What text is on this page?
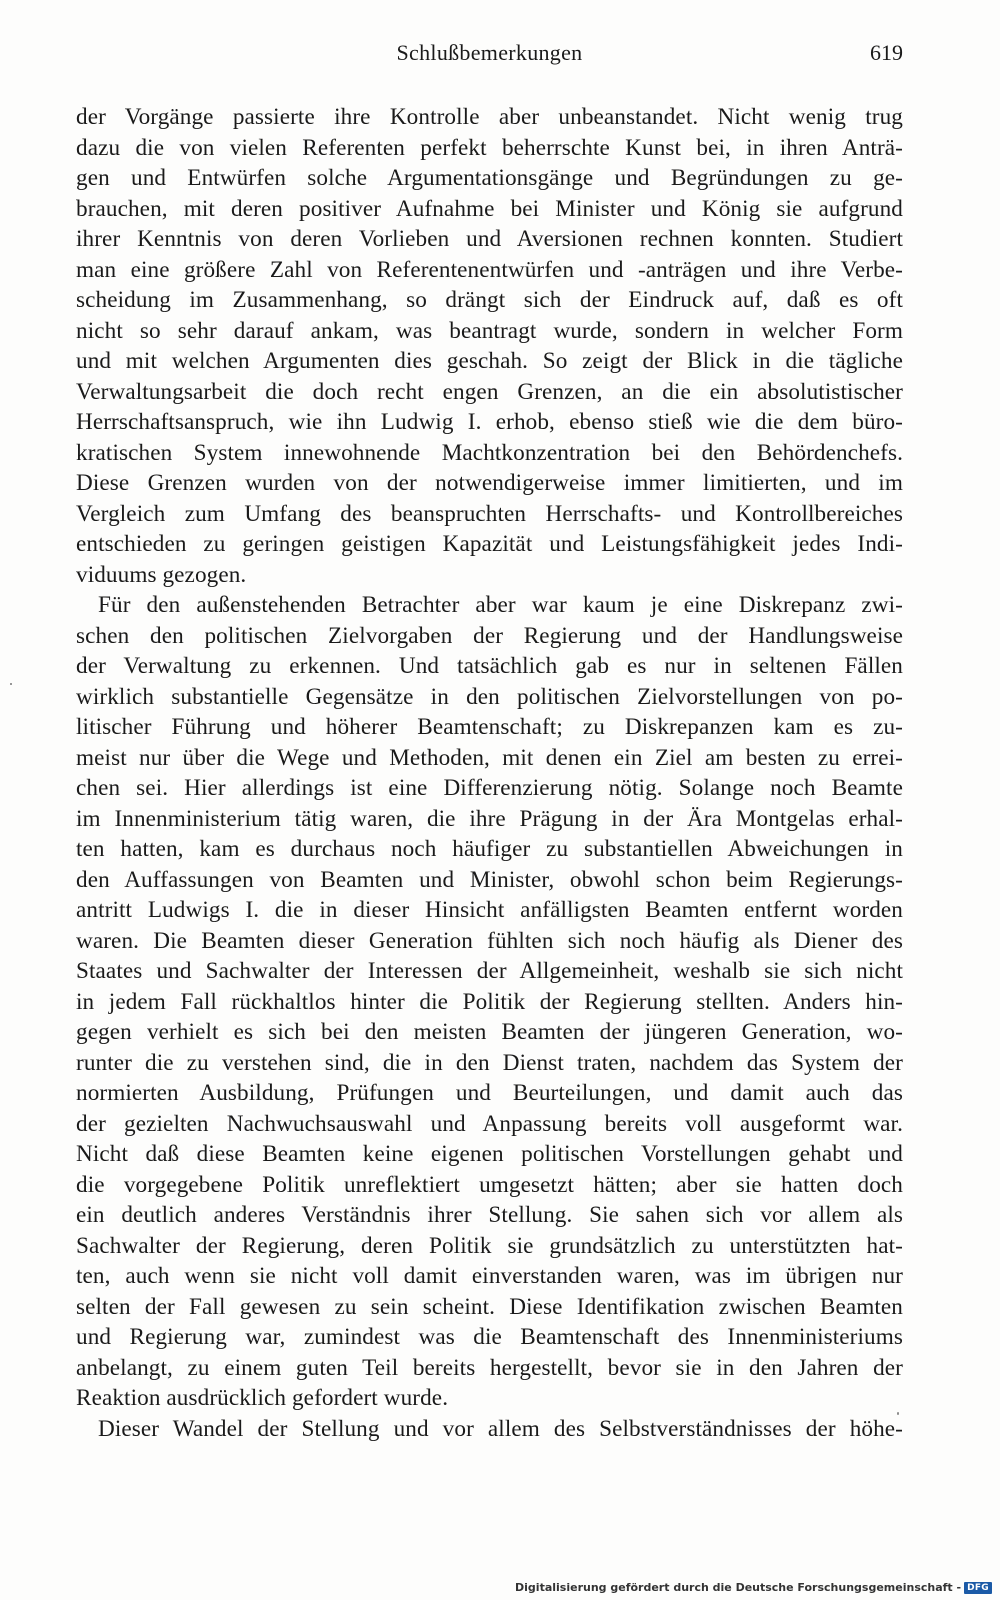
Schlußbemerkungen	619
der Vorgänge passierte ihre Kontrolle aber unbeanstandet. Nicht wenig trug
dazu die von vielen Referenten perfekt beherrschte Kunst bei, in ihren Anträ-
gen und Entwürfen solche Argumentationsgänge und Begründungen zu ge-
brauchen, mit deren positiver Aufnahme bei Minister und König sie aufgrund
ihrer Kenntnis von deren Vorlieben und Aversionen rechnen konnten. Studiert
man eine größere Zahl von Referentenentwürfen und -anträgen und ihre Verbe-
scheidung im Zusammenhang, so drängt sich der Eindruck auf, daß es oft
nicht so sehr darauf ankam, was beantragt wurde, sondern in welcher Form
und mit welchen Argumenten dies geschah. So zeigt der Blick in die tägliche
Verwaltungsarbeit die doch recht engen Grenzen, an die ein absolutistischer
Herrschaftsanspruch, wie ihn Ludwig I. erhob, ebenso stieß wie die dem büro-
kratischen System innewohnende Machtkonzentration bei den Behördenchefs.
Diese Grenzen wurden von der notwendigerweise immer limitierten, und im
Vergleich zum Umfang des beanspruchten Herrschafts- und Kontrollbereiches
entschieden zu geringen geistigen Kapazität und Leistungsfähigkeit jedes Indi-
viduums gezogen.
Für den außenstehenden Betrachter aber war kaum je eine Diskrepanz zwi-
schen den politischen Zielvorgaben der Regierung und der Handlungsweise
der Verwaltung zu erkennen. Und tatsächlich gab es nur in seltenen Fällen
wirklich substantielle Gegensätze in den politischen Zielvorstellungen von po-
litischer Führung und höherer Beamtenschaft; zu Diskrepanzen kam es zu-
meist nur über die Wege und Methoden, mit denen ein Ziel am besten zu errei-
chen sei. Hier allerdings ist eine Differenzierung nötig. Solange noch Beamte
im Innenministerium tätig waren, die ihre Prägung in der Ära Montgelas erhal-
ten hatten, kam es durchaus noch häufiger zu substantiellen Abweichungen in
den Auffassungen von Beamten und Minister, obwohl schon beim Regierungs-
antritt Ludwigs I. die in dieser Hinsicht anfälligsten Beamten entfernt worden
waren. Die Beamten dieser Generation fühlten sich noch häufig als Diener des
Staates und Sachwalter der Interessen der Allgemeinheit, weshalb sie sich nicht
in jedem Fall rückhaltlos hinter die Politik der Regierung stellten. Anders hin-
gegen verhielt es sich bei den meisten Beamten der jüngeren Generation, wo-
runter die zu verstehen sind, die in den Dienst traten, nachdem das System der
normierten Ausbildung, Prüfungen und Beurteilungen, und damit auch das
der gezielten Nachwuchsauswahl und Anpassung bereits voll ausgeformt war.
Nicht daß diese Beamten keine eigenen politischen Vorstellungen gehabt und
die vorgegebene Politik unreflektiert umgesetzt hätten; aber sie hatten doch
ein deutlich anderes Verständnis ihrer Stellung. Sie sahen sich vor allem als
Sachwalter der Regierung, deren Politik sie grundsätzlich zu unterstützten hat-
ten, auch wenn sie nicht voll damit einverstanden waren, was im übrigen nur
selten der Fall gewesen zu sein scheint. Diese Identifikation zwischen Beamten
und Regierung war, zumindest was die Beamtenschaft des Innenministeriums
anbelangt, zu einem guten Teil bereits hergestellt, bevor sie in den Jahren der
Reaktion ausdrücklich gefordert wurde.
Dieser Wandel der Stellung und vor allem des Selbstverständnisses der höhe-
Digitalisierung gefördert durch die Deutsche Forschungsgemeinschaft - DFG
